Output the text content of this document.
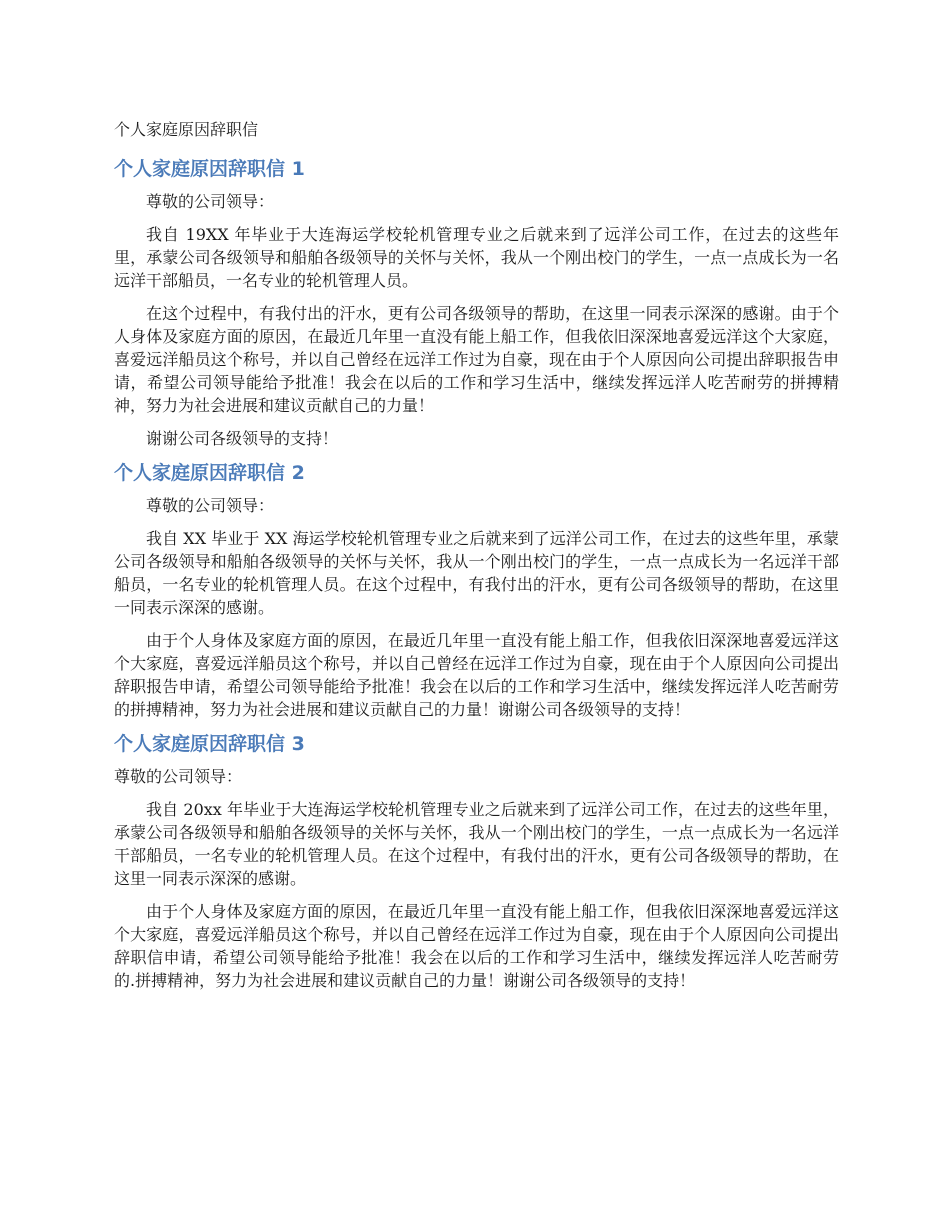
个人家庭原因辞职信
个人家庭原因辞职信 1

尊敬的公司领导：

我自 19XX 年毕业于大连海运学校轮机管理专业之后就来到了远洋公司工作，在过去的这些年里，承蒙公司各级领导和船舶各级领导的关怀与关怀，我从一个刚出校门的学生，一点一点成长为一名远洋干部船员，一名专业的轮机管理人员。

在这个过程中，有我付出的汗水，更有公司各级领导的帮助，在这里一同表示深深的感谢。由于个人身体及家庭方面的原因，在最近几年里一直没有能上船工作，但我依旧深深地喜爱远洋这个大家庭，喜爱远洋船员这个称号，并以自己曾经在远洋工作过为自豪，现在由于个人原因向公司提出辞职报告申请，希望公司领导能给予批准！我会在以后的工作和学习生活中，继续发挥远洋人吃苦耐劳的拼搏精神，努力为社会进展和建议贡献自己的力量！

谢谢公司各级领导的支持！

个人家庭原因辞职信 2

尊敬的公司领导：

我自 XX 毕业于 XX 海运学校轮机管理专业之后就来到了远洋公司工作，在过去的这些年里，承蒙公司各级领导和船舶各级领导的关怀与关怀，我从一个刚出校门的学生，一点一点成长为一名远洋干部船员，一名专业的轮机管理人员。在这个过程中，有我付出的汗水，更有公司各级领导的帮助，在这里一同表示深深的感谢。

由于个人身体及家庭方面的原因，在最近几年里一直没有能上船工作，但我依旧深深地喜爱远洋这个大家庭，喜爱远洋船员这个称号，并以自己曾经在远洋工作过为自豪，现在由于个人原因向公司提出辞职报告申请，希望公司领导能给予批准！我会在以后的工作和学习生活中，继续发挥远洋人吃苦耐劳的拼搏精神，努力为社会进展和建议贡献自己的力量！谢谢公司各级领导的支持！

个人家庭原因辞职信 3

尊敬的公司领导：

我自 20xx 年毕业于大连海运学校轮机管理专业之后就来到了远洋公司工作，在过去的这些年里，承蒙公司各级领导和船舶各级领导的关怀与关怀，我从一个刚出校门的学生，一点一点成长为一名远洋干部船员，一名专业的轮机管理人员。在这个过程中，有我付出的汗水，更有公司各级领导的帮助，在这里一同表示深深的感谢。

由于个人身体及家庭方面的原因，在最近几年里一直没有能上船工作，但我依旧深深地喜爱远洋这个大家庭，喜爱远洋船员这个称号，并以自己曾经在远洋工作过为自豪，现在由于个人原因向公司提出辞职信申请，希望公司领导能给予批准！我会在以后的工作和学习生活中，继续发挥远洋人吃苦耐劳的.拼搏精神，努力为社会进展和建议贡献自己的力量！谢谢公司各级领导的支持！
